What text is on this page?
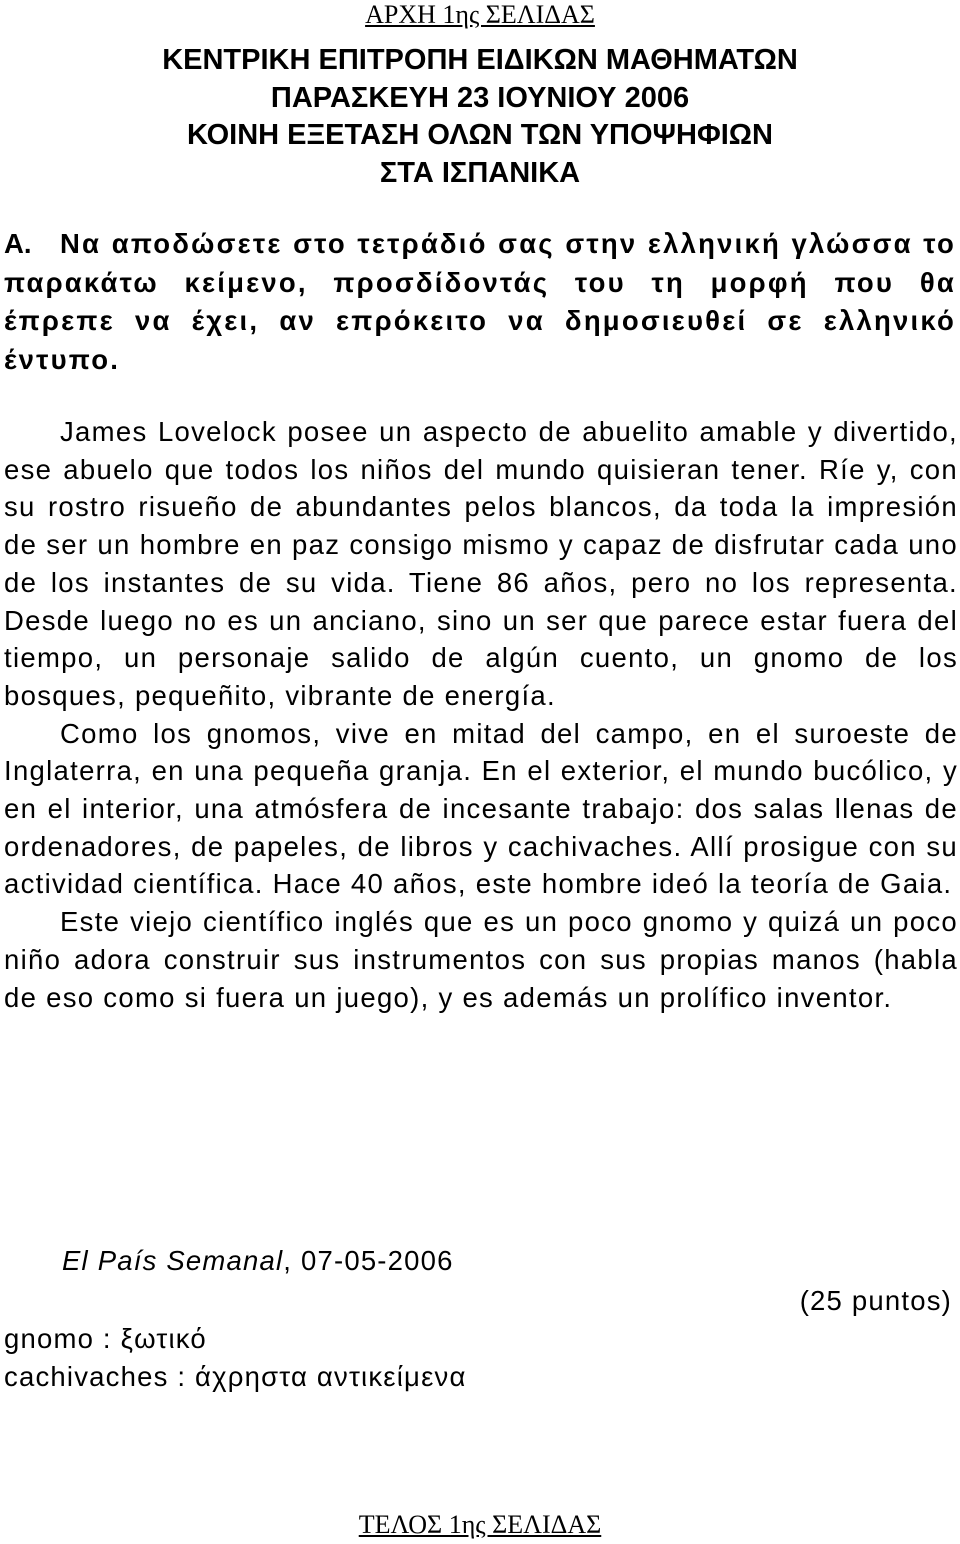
ΑΡΧΗ 1ης ΣΕΛΙΔΑΣ
ΚΕΝΤΡΙΚΗ ΕΠΙΤΡΟΠΗ ΕΙΔΙΚΩΝ ΜΑΘΗΜΑΤΩΝ
ΠΑΡΑΣΚΕΥΗ 23 ΙΟΥΝΙΟΥ 2006
ΚΟΙΝΗ ΕΞΕΤΑΣΗ ΟΛΩΝ ΤΩΝ ΥΠΟΨΗΦΙΩΝ
ΣΤΑ ΙΣΠΑΝΙΚΑ
Α. Να αποδώσετε στο τετράδιό σας στην ελληνική γλώσσα το παρακάτω κείμενο, προσδίδοντάς του τη μορφή που θα έπρεπε να έχει, αν επρόκειτο να δημοσιευθεί σε ελληνικό έντυπο.

James Lovelock posee un aspecto de abuelito amable y divertido, ese abuelo que todos los niños del mundo quisieran tener. Ríe y, con su rostro risueño de abundantes pelos blancos, da toda la impresión de ser un hombre en paz consigo mismo y capaz de disfrutar cada uno de los instantes de su vida. Tiene 86 años, pero no los representa. Desde luego no es un anciano, sino un ser que parece estar fuera del tiempo, un personaje salido de algún cuento, un gnomo de los bosques, pequeñito, vibrante de energía.

Como los gnomos, vive en mitad del campo, en el suroeste de Inglaterra, en una pequeña granja. En el exterior, el mundo bucólico, y en el interior, una atmósfera de incesante trabajo: dos salas llenas de ordenadores, de papeles, de libros y cachivaches. Allí prosigue con su actividad científica. Hace 40 años, este hombre ideó la teoría de Gaia.

Este viejo científico inglés que es un poco gnomo y quizá un poco niño adora construir sus instrumentos con sus propias manos (habla de eso como si fuera un juego), y es además un prolífico inventor.

El País Semanal, 07-05-2006
(25 puntos)
gnomo : ξωτικό
cachivaches : άχρηστα αντικείμενα
ΤΕΛΟΣ 1ης ΣΕΛΙΔΑΣ
